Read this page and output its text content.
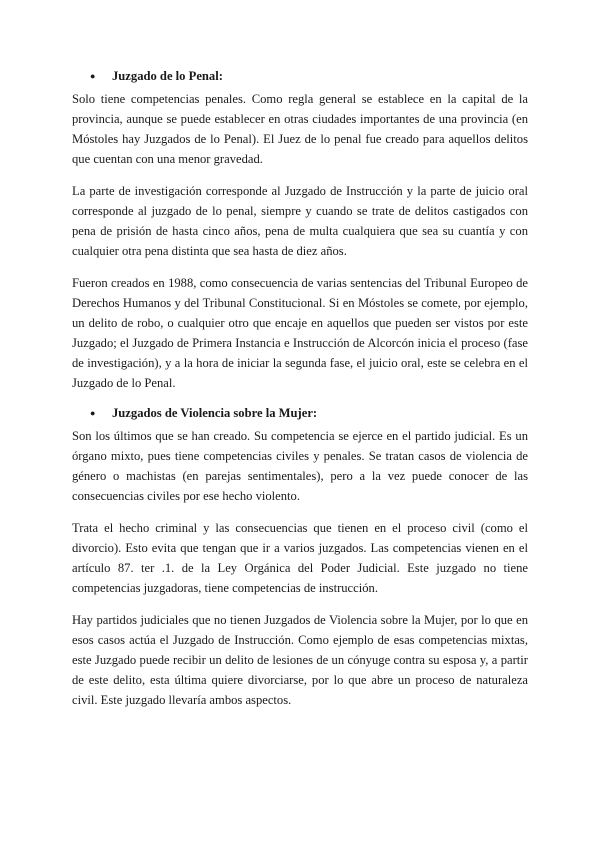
●	Juzgado de lo Penal:

Solo tiene competencias penales. Como regla general se establece en la capital de la provincia, aunque se puede establecer en otras ciudades importantes de una provincia (en Móstoles hay Juzgados de lo Penal). El Juez de lo penal fue creado para aquellos delitos que cuentan con una menor gravedad.

La parte de investigación corresponde al Juzgado de Instrucción y la parte de juicio oral corresponde al juzgado de lo penal, siempre y cuando se trate de delitos castigados con pena de prisión de hasta cinco años, pena de multa cualquiera que sea su cuantía y con cualquier otra pena distinta que sea hasta de diez años.

Fueron creados en 1988, como consecuencia de varias sentencias del Tribunal Europeo de Derechos Humanos y del Tribunal Constitucional. Si en Móstoles se comete, por ejemplo, un delito de robo, o cualquier otro que encaje en aquellos que pueden ser vistos por este Juzgado; el Juzgado de Primera Instancia e Instrucción de Alcorcón inicia el proceso (fase de investigación), y a la hora de iniciar la segunda fase, el juicio oral, este se celebra en el Juzgado de lo Penal.

●	Juzgados de Violencia sobre la Mujer:

Son los últimos que se han creado. Su competencia se ejerce en el partido judicial. Es un órgano mixto, pues tiene competencias civiles y penales. Se tratan casos de violencia de género o machistas (en parejas sentimentales), pero a la vez puede conocer de las consecuencias civiles por ese hecho violento.

Trata el hecho criminal y las consecuencias que tienen en el proceso civil (como el divorcio). Esto evita que tengan que ir a varios juzgados. Las competencias vienen en el artículo 87. ter .1. de la Ley Orgánica del Poder Judicial. Este juzgado no tiene competencias juzgadoras, tiene competencias de instrucción.

Hay partidos judiciales que no tienen Juzgados de Violencia sobre la Mujer, por lo que en esos casos actúa el Juzgado de Instrucción. Como ejemplo de esas competencias mixtas, este Juzgado puede recibir un delito de lesiones de un cónyuge contra su esposa y, a partir de este delito, esta última quiere divorciarse, por lo que abre un proceso de naturaleza civil. Este juzgado llevaría ambos aspectos.
